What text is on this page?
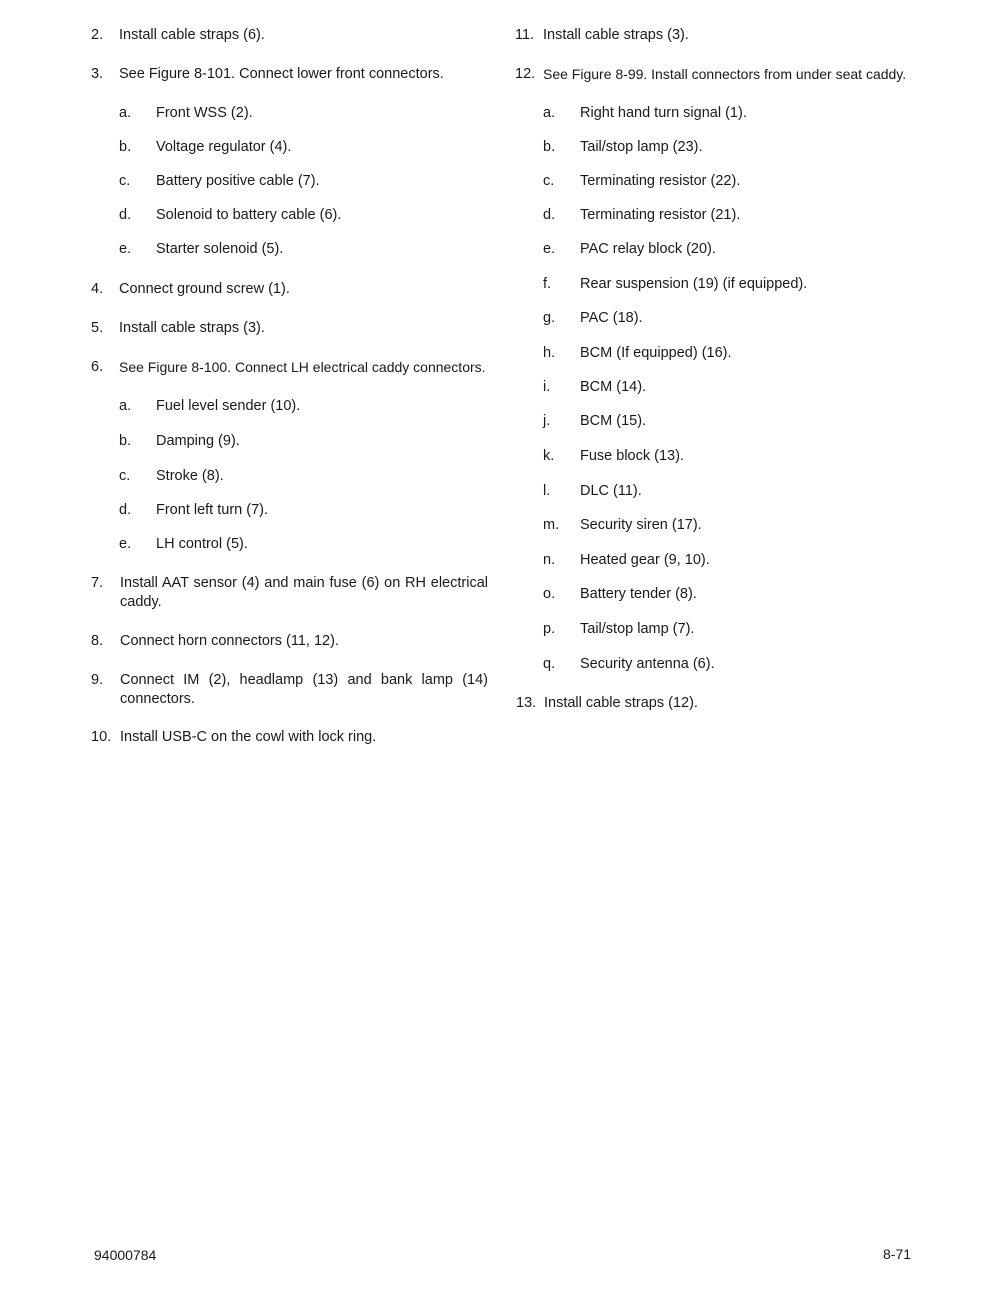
2. Install cable straps (6).
3. See Figure 8-101. Connect lower front connectors.
a. Front WSS (2).
b. Voltage regulator (4).
c. Battery positive cable (7).
d. Solenoid to battery cable (6).
e. Starter solenoid (5).
4. Connect ground screw (1).
5. Install cable straps (3).
6. See Figure 8-100. Connect LH electrical caddy connectors.
a. Fuel level sender (10).
b. Damping (9).
c. Stroke (8).
d. Front left turn (7).
e. LH control (5).
7. Install AAT sensor (4) and main fuse (6) on RH electrical caddy.
8. Connect horn connectors (11, 12).
9. Connect IM (2), headlamp (13) and bank lamp (14) connectors.
10. Install USB-C on the cowl with lock ring.
11. Install cable straps (3).
12. See Figure 8-99. Install connectors from under seat caddy.
a. Right hand turn signal (1).
b. Tail/stop lamp (23).
c. Terminating resistor (22).
d. Terminating resistor (21).
e. PAC relay block (20).
f. Rear suspension (19) (if equipped).
g. PAC (18).
h. BCM (If equipped) (16).
i. BCM (14).
j. BCM (15).
k. Fuse block (13).
l. DLC (11).
m. Security siren (17).
n. Heated gear (9, 10).
o. Battery tender (8).
p. Tail/stop lamp (7).
q. Security antenna (6).
13. Install cable straps (12).
94000784	8-71
